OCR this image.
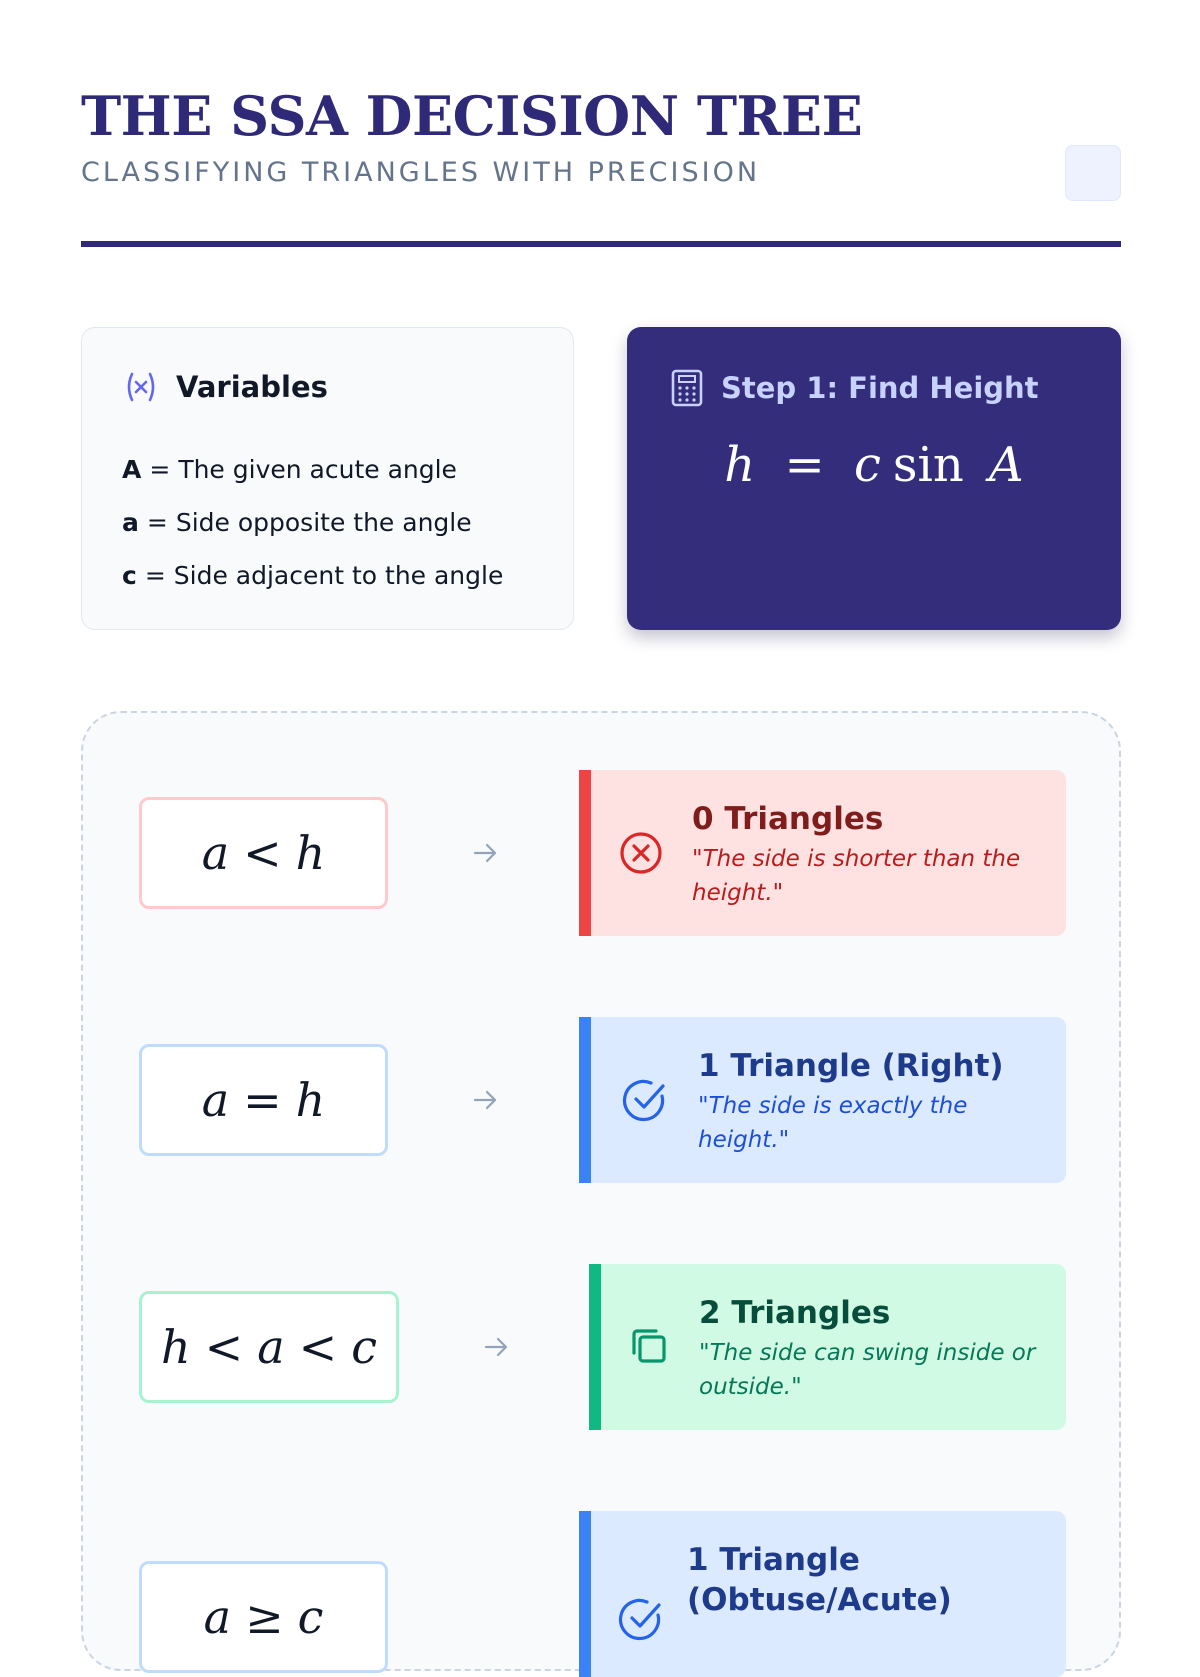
THE SSA DECISION TREE
CLASSIFYING TRIANGLES WITH PRECISION
Variables
A = The given acute angle
a = Side opposite the angle
c = Side adjacent to the angle
Step 1: Find Height
h = c sin A
a < h
0 Triangles
"The side is shorter than the height."
a = h
1 Triangle (Right)
"The side is exactly the height."
h < a < c
2 Triangles
"The side can swing inside or outside."
a ≥ c
1 Triangle
(Obtuse/Acute)
